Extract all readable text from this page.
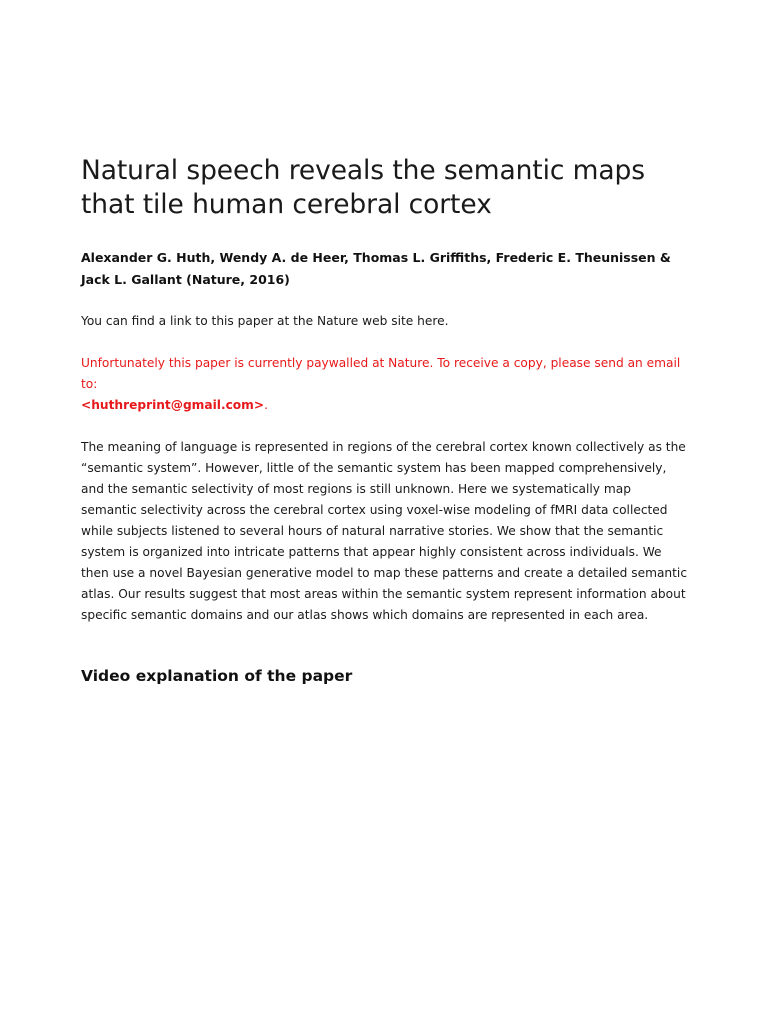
Natural speech reveals the semantic maps that tile human cerebral cortex

Alexander G. Huth, Wendy A. de Heer, Thomas L. Griffiths, Frederic E. Theunissen & Jack L. Gallant (Nature, 2016)

You can find a link to this paper at the Nature web site here.

Unfortunately this paper is currently paywalled at Nature. To receive a copy, please send an email to:
<huthreprint@gmail.com>.

The meaning of language is represented in regions of the cerebral cortex known collectively as the “semantic system”. However, little of the semantic system has been mapped comprehensively, and the semantic selectivity of most regions is still unknown. Here we systematically map semantic selectivity across the cerebral cortex using voxel-wise modeling of fMRI data collected while subjects listened to several hours of natural narrative stories. We show that the semantic system is organized into intricate patterns that appear highly consistent across individuals. We then use a novel Bayesian generative model to map these patterns and create a detailed semantic atlas. Our results suggest that most areas within the semantic system represent information about specific semantic domains and our atlas shows which domains are represented in each area.

Video explanation of the paper
